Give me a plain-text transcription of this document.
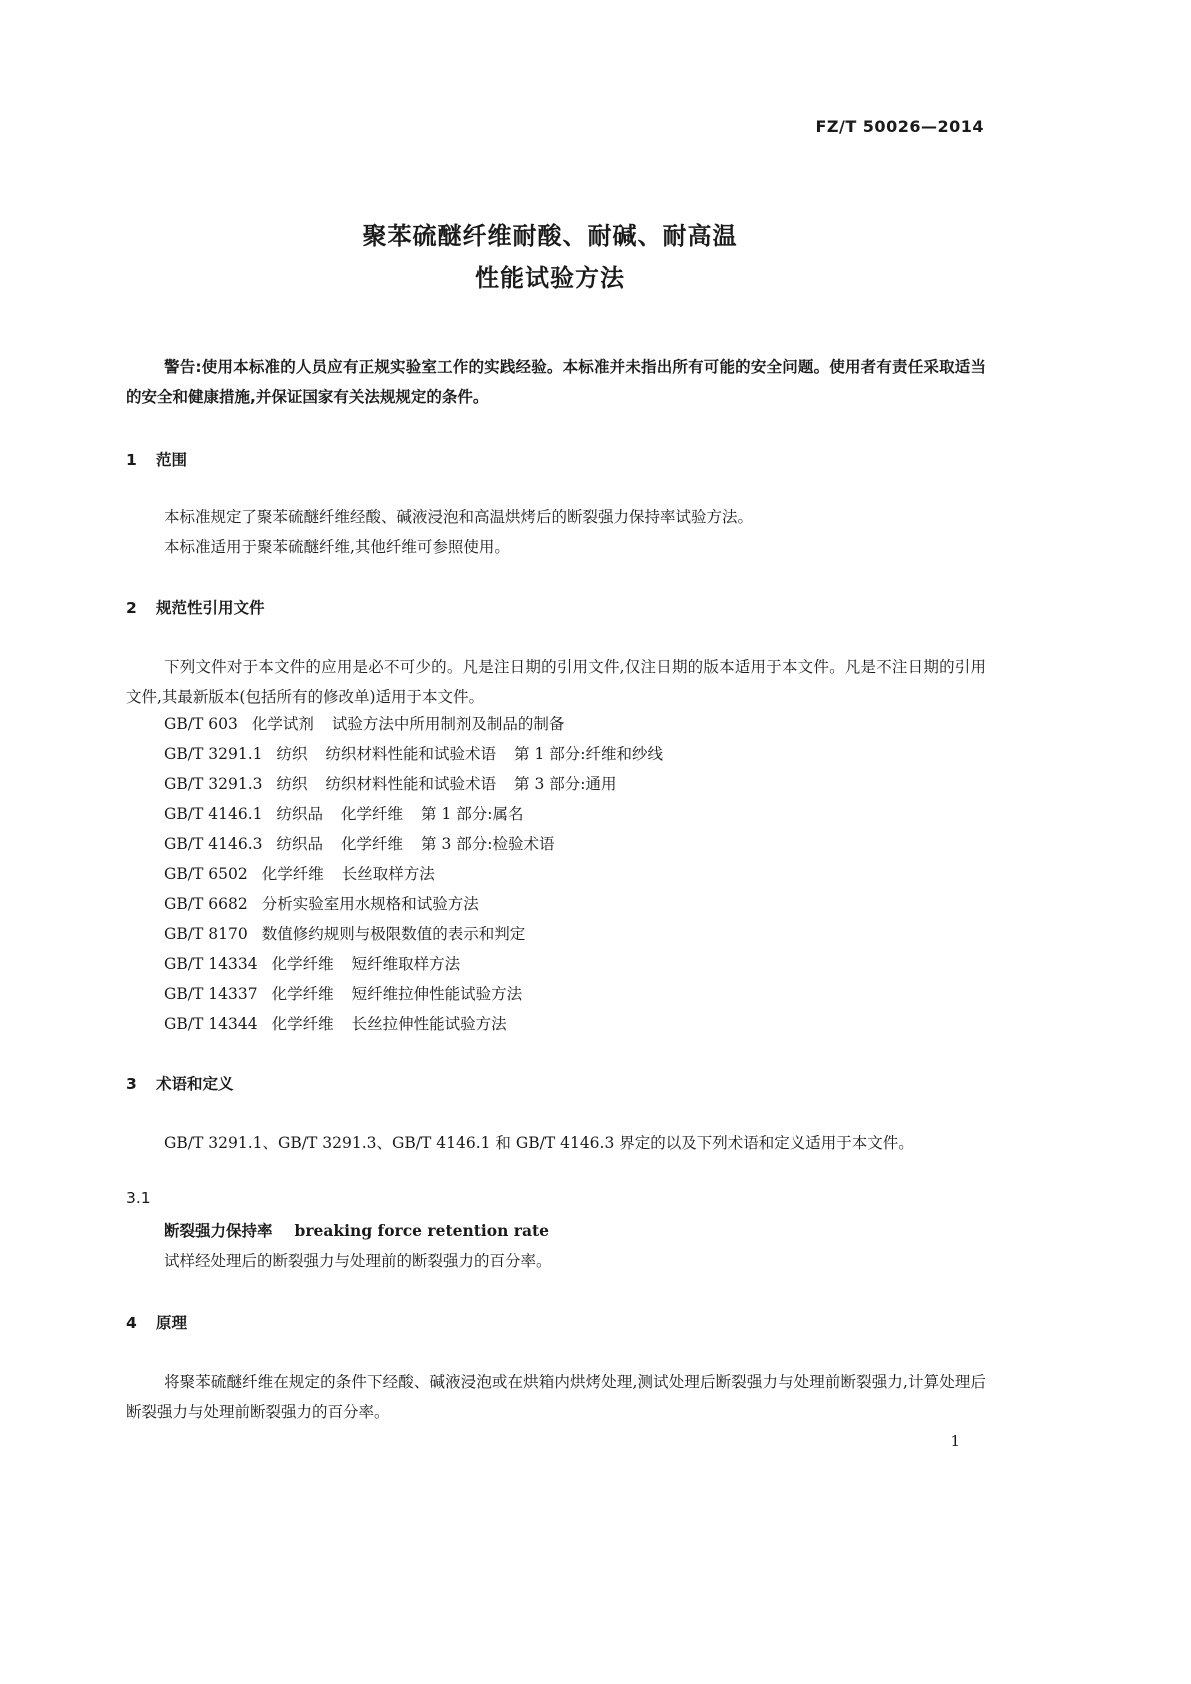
FZ/T 50026—2014
聚苯硫醚纤维耐酸、耐碱、耐高温
性能试验方法
警告:使用本标准的人员应有正规实验室工作的实践经验。本标准并未指出所有可能的安全问题。使用者有责任采取适当的安全和健康措施,并保证国家有关法规规定的条件。
1 范围
本标准规定了聚苯硫醚纤维经酸、碱液浸泡和高温烘烤后的断裂强力保持率试验方法。
本标准适用于聚苯硫醚纤维,其他纤维可参照使用。
2 规范性引用文件
下列文件对于本文件的应用是必不可少的。凡是注日期的引用文件,仅注日期的版本适用于本文件。凡是不注日期的引用文件,其最新版本(包括所有的修改单)适用于本文件。
GB/T 603 化学试剂 试验方法中所用制剂及制品的制备
GB/T 3291.1 纺织 纺织材料性能和试验术语 第 1 部分:纤维和纱线
GB/T 3291.3 纺织 纺织材料性能和试验术语 第 3 部分:通用
GB/T 4146.1 纺织品 化学纤维 第 1 部分:属名
GB/T 4146.3 纺织品 化学纤维 第 3 部分:检验术语
GB/T 6502 化学纤维 长丝取样方法
GB/T 6682 分析实验室用水规格和试验方法
GB/T 8170 数值修约规则与极限数值的表示和判定
GB/T 14334 化学纤维 短纤维取样方法
GB/T 14337 化学纤维 短纤维拉伸性能试验方法
GB/T 14344 化学纤维 长丝拉伸性能试验方法
3 术语和定义
GB/T 3291.1、GB/T 3291.3、GB/T 4146.1 和 GB/T 4146.3 界定的以及下列术语和定义适用于本文件。
3.1
断裂强力保持率 breaking force retention rate
试样经处理后的断裂强力与处理前的断裂强力的百分率。
4 原理
将聚苯硫醚纤维在规定的条件下经酸、碱液浸泡或在烘箱内烘烤处理,测试处理后断裂强力与处理前断裂强力,计算处理后断裂强力与处理前断裂强力的百分率。
1
